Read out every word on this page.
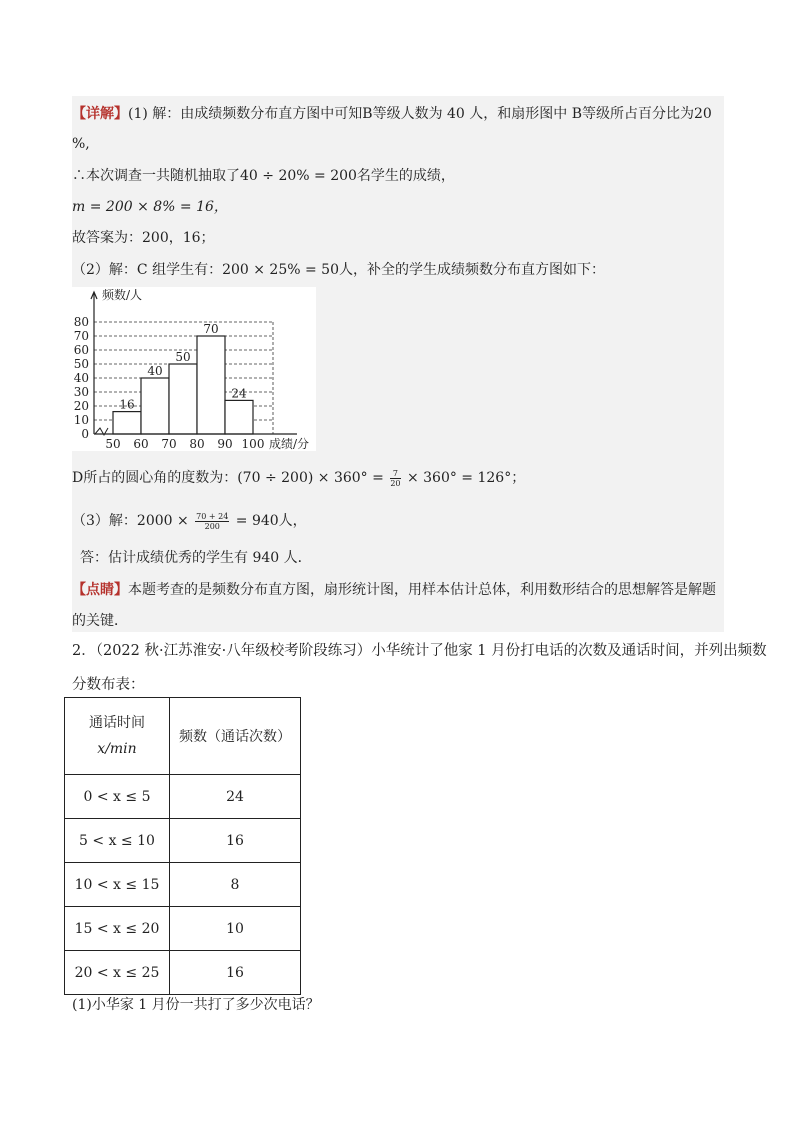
【详解】(1) 解：由成绩频数分布直方图中可知B等级人数为 40 人，和扇形图中 B等级所占百分比为20
%,
∴本次调查一共随机抽取了40 ÷ 20% = 200名学生的成绩，
m = 200 × 8% = 16，
故答案为：200，16；
（2）解：C 组学生有：200 × 25% = 50人，补全的学生成绩频数分布直方图如下：
0
10
20
30
40
50
60
70
80
50 60 70 80 90 100
16
40
50
70
24
频数/人
成绩/分
D所占的圆心角的度数为：$(70 \div 200) \times 360^\circ = \frac{7}{20} \times 360^\circ = 126^\circ$；
（3）解：$2000 \times \frac{70 + 24}{200} = 940$人，
答：估计成绩优秀的学生有 940 人．
【点睛】本题考查的是频数分布直方图，扇形统计图，用样本估计总体，利用数形结合的思想解答是解题
的关键．
2．（2022 秋·江苏淮安·八年级校考阶段练习）小华统计了他家 1 月份打电话的次数及通话时间，并列出频数
分数布表：
通话时间
x/min	频数（通话次数）
0 < x ≤ 5	24
5 < x ≤ 10	16
10 < x ≤ 15	8
15 < x ≤ 20	10
20 < x ≤ 25	16
(1)小华家 1 月份一共打了多少次电话？
